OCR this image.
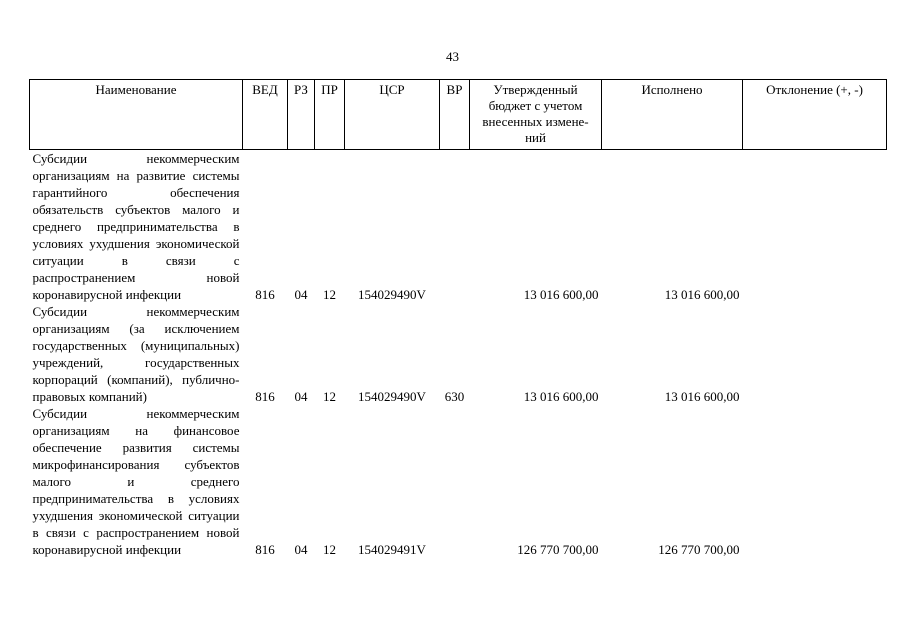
43
Наименование	ВЕД	РЗ	ПР	ЦСР	ВР	Утвержденный бюджет с учетом внесенных измене-ний	Исполнено	Отклонение (+, -)
Субсидии некоммерческим организациям на развитие системы гарантийного обеспечения обязательств субъектов малого и среднего предпринимательства в условиях ухудшения экономической ситуации в связи с распространением новой коронавирусной инфекции	816	04	12	154029490V		13 016 600,00	13 016 600,00	
Субсидии некоммерческим организациям (за исключением государственных (муниципальных) учреждений, государственных корпораций (компаний), публично-правовых компаний)	816	04	12	154029490V	630	13 016 600,00	13 016 600,00	
Субсидии некоммерческим организациям на финансовое обеспечение развития системы микрофинансирования субъектов малого и среднего предпринимательства в условиях ухудшения экономической ситуации в связи с распространением новой коронавирусной инфекции	816	04	12	154029491V		126 770 700,00	126 770 700,00	
